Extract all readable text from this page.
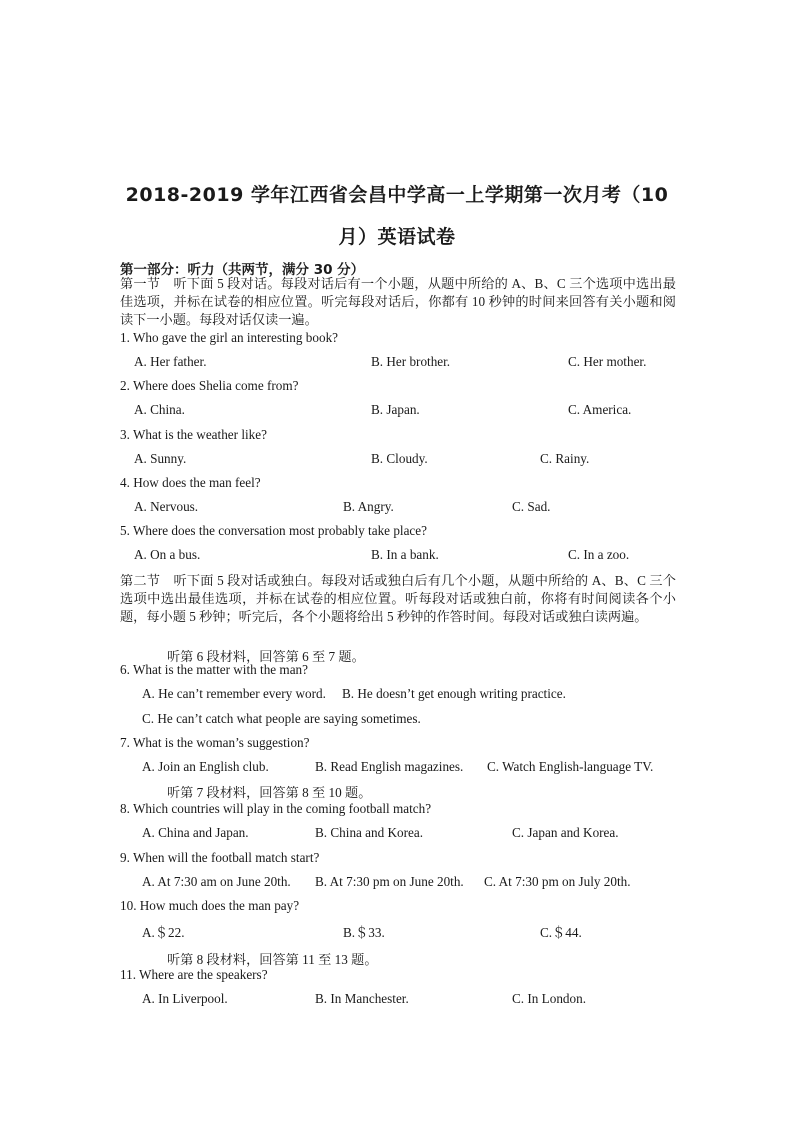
2018-2019 学年江西省会昌中学高一上学期第一次月考（10
月）英语试卷
第一部分：听力（共两节，满分 30 分）
第一节　听下面 5 段对话。每段对话后有一个小题，从题中所给的 A、B、C 三个选项中选出最佳选项，并标在试卷的相应位置。听完每段对话后，你都有 10 秒钟的时间来回答有关小题和阅读下一小题。每段对话仅读一遍。
1. Who gave the girl an interesting book?
A. Her father.	B. Her brother.	C. Her mother.
2. Where does Shelia come from?
A. China.	B. Japan.	C. America.
3. What is the weather like?
A. Sunny.	B. Cloudy.	C. Rainy.
4. How does the man feel?
A. Nervous.	B. Angry.	C. Sad.
5. Where does the conversation most probably take place?
A. On a bus.	B. In a bank.	C. In a zoo.
第二节　听下面 5 段对话或独白。每段对话或独白后有几个小题，从题中所给的 A、B、C 三个选项中选出最佳选项，并标在试卷的相应位置。听每段对话或独白前，你将有时间阅读各个小题，每小题 5 秒钟；听完后，各个小题将给出 5 秒钟的作答时间。每段对话或独白读两遍。
听第 6 段材料，回答第 6 至 7 题。
6. What is the matter with the man?
A. He can’t remember every word. B. He doesn’t get enough writing practice.
C. He can’t catch what people are saying sometimes.
7. What is the woman’s suggestion?
A. Join an English club.	B. Read English magazines. C. Watch English-language TV.
听第 7 段材料，回答第 8 至 10 题。
8. Which countries will play in the coming football match?
A. China and Japan.	B. China and Korea.	C. Japan and Korea.
9. When will the football match start?
A. At 7:30 am on June 20th. B. At 7:30 pm on June 20th. C. At 7:30 pm on July 20th.
10. How much does the man pay?
A.＄22.	B.＄33.	C.＄44.
听第 8 段材料，回答第 11 至 13 题。
11. Where are the speakers?
A. In Liverpool.	B. In Manchester.	C. In London.
